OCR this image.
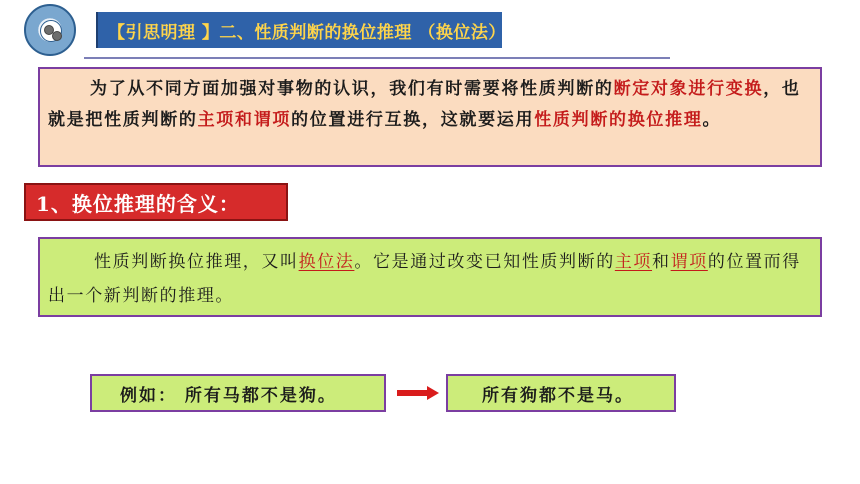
【引思明理 】二、性质判断的换位推理 （换位法）
为了从不同方面加强对事物的认识，我们有时需要将性质判断的断定对象进行变换，也就是把性质判断的主项和谓项的位置进行互换，这就要运用性质判断的换位推理。
1、换位推理的含义：
性质判断换位推理，又叫换位法。它是通过改变已知性质判断的主项和谓项的位置而得出一个新判断的推理。
例如： 所有马都不是狗。	所有狗都不是马。
